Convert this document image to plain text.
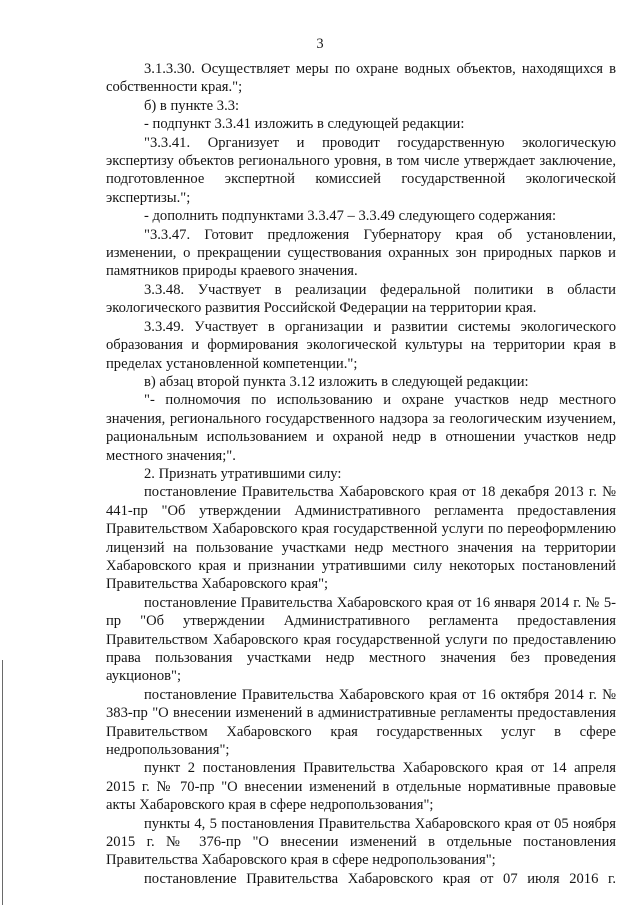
3

3.1.3.30. Осуществляет меры по охране водных объектов, находящихся в собственности края.";

б) в пункте 3.3:

- подпункт 3.3.41 изложить в следующей редакции:

"3.3.41. Организует и проводит государственную экологическую экспертизу объектов регионального уровня, в том числе утверждает заключение, подготовленное экспертной комиссией государственной экологической экспертизы.";

- дополнить подпунктами 3.3.47 – 3.3.49 следующего содержания:

"3.3.47. Готовит предложения Губернатору края об установлении, изменении, о прекращении существования охранных зон природных парков и памятников природы краевого значения.

3.3.48. Участвует в реализации федеральной политики в области экологического развития Российской Федерации на территории края.

3.3.49. Участвует в организации и развитии системы экологического образования и формирования экологической культуры на территории края в пределах установленной компетенции.";

в) абзац второй пункта 3.12 изложить в следующей редакции:

"- полномочия по использованию и охране участков недр местного значения, регионального государственного надзора за геологическим изучением, рациональным использованием и охраной недр в отношении участков недр местного значения;".

2. Признать утратившими силу:

постановление Правительства Хабаровского края от 18 декабря 2013 г. № 441-пр "Об утверждении Административного регламента предоставления Правительством Хабаровского края государственной услуги по переоформлению лицензий на пользование участками недр местного значения на территории Хабаровского края и признании утратившими силу некоторых постановлений Правительства Хабаровского края";

постановление Правительства Хабаровского края от 16 января 2014 г. № 5-пр "Об утверждении Административного регламента предоставления Правительством Хабаровского края государственной услуги по предоставлению права пользования участками недр местного значения без проведения аукционов";

постановление Правительства Хабаровского края от 16 октября 2014 г. № 383-пр "О внесении изменений в административные регламенты предоставления Правительством Хабаровского края государственных услуг в сфере недропользования";

пункт 2 постановления Правительства Хабаровского края от 14 апреля 2015 г. № 70-пр "О внесении изменений в отдельные нормативные правовые акты Хабаровского края в сфере недропользования";

пункты 4, 5 постановления Правительства Хабаровского края от 05 ноября 2015 г. № 376-пр "О внесении изменений в отдельные постановления Правительства Хабаровского края в сфере недропользования";

постановление Правительства Хабаровского края от 07 июля 2016 г.
